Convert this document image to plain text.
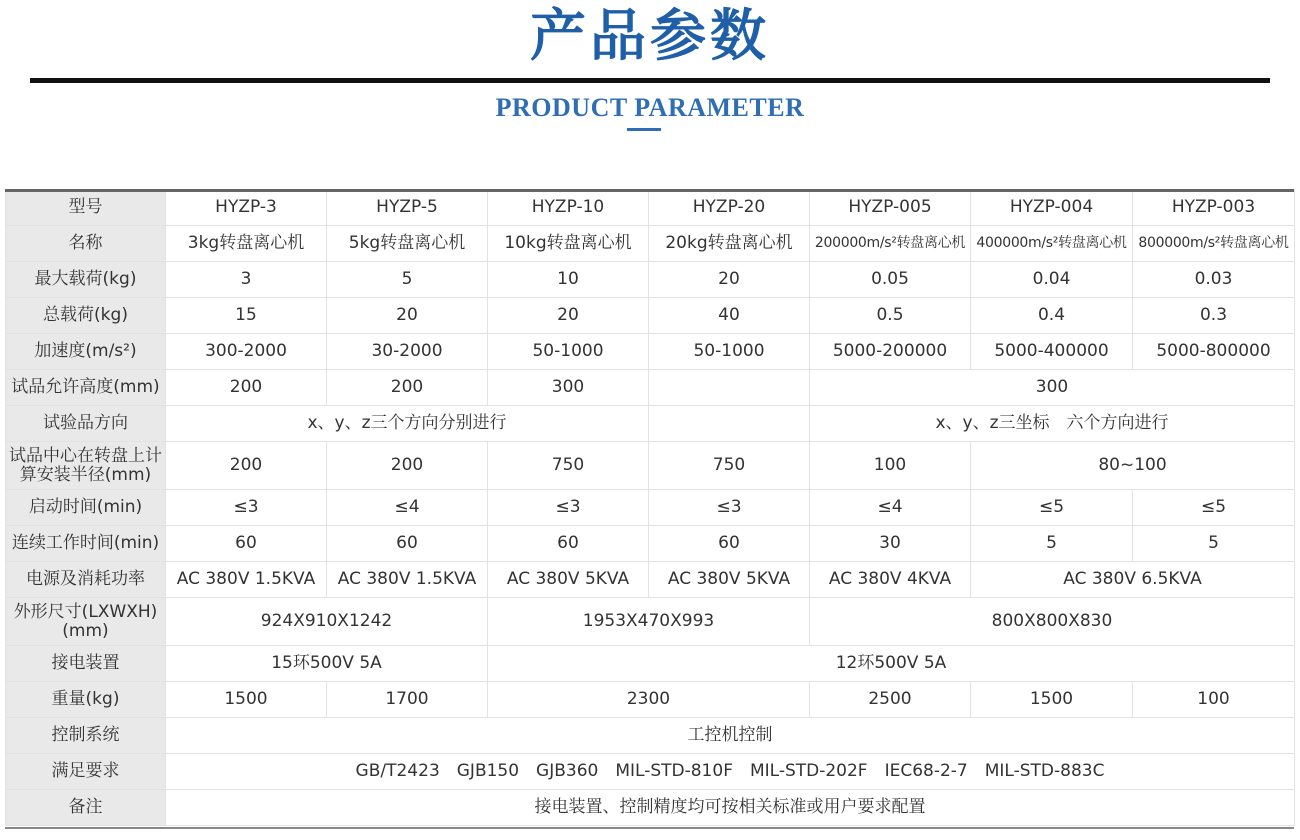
产品参数
PRODUCT PARAMETER
型号	HYZP-3	HYZP-5	HYZP-10	HYZP-20	HYZP-005	HYZP-004	HYZP-003
名称	3kg转盘离心机	5kg转盘离心机	10kg转盘离心机	20kg转盘离心机	200000m/s²转盘离心机	400000m/s²转盘离心机	800000m/s²转盘离心机
最大载荷(kg)	3	5	10	20	0.05	0.04	0.03
总载荷(kg)	15	20	20	40	0.5	0.4	0.3
加速度(m/s²)	300-2000	30-2000	50-1000	50-1000	5000-200000	5000-400000	5000-800000
试品允许高度(mm)	200	200	300		300		
试验品方向	x、y、z三个方向分别进行				x、y、z三坐标　六个方向进行		
试品中心在转盘上计算安装半径(mm)	200	200	750	750	100	80~100	
启动时间(min)	≤3	≤4	≤3	≤3	≤4	≤5	≤5
连续工作时间(min)	60	60	60	60	30	5	5
电源及消耗功率	AC 380V 1.5KVA	AC 380V 1.5KVA	AC 380V 5KVA	AC 380V 5KVA	AC 380V 4KVA	AC 380V 6.5KVA	
外形尺寸(LXWXH)(mm)	924X910X1242		1953X470X993		800X800X830		
接电装置	15环500V 5A		12环500V 5A				
重量(kg)	1500	1700	2300		2500	1500	100
控制系统	工控机控制						
满足要求	GB/T2423　GJB150　GJB360　MIL-STD-810F　MIL-STD-202F　IEC68-2-7　MIL-STD-883C						
备注	接电装置、控制精度均可按相关标准或用户要求配置						
